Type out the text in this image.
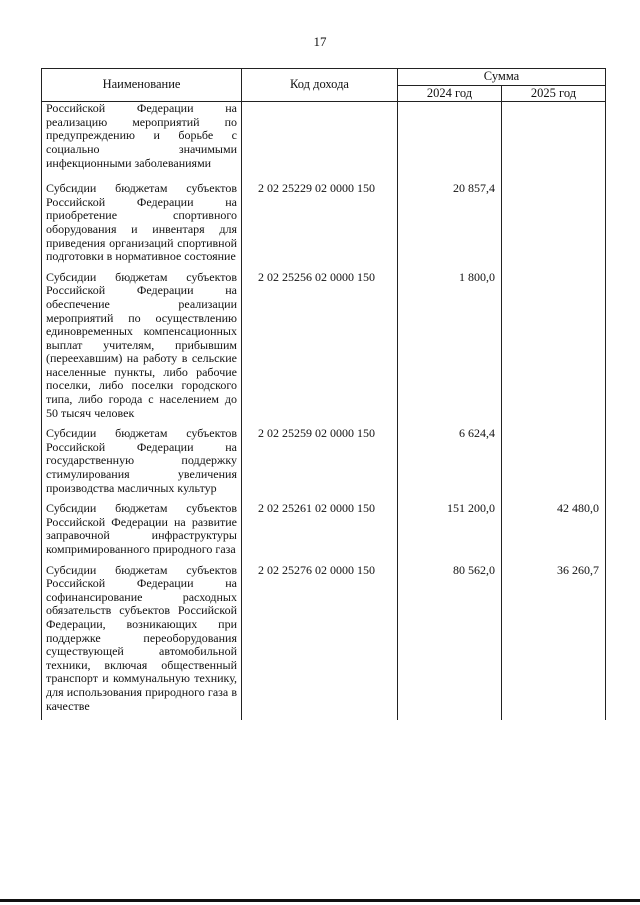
17
Наименование	Код дохода	Сумма	
		2024 год	2025 год
Российской Федерации на реализацию мероприятий по предупреждению и борьбе с социально значимыми инфекционными заболеваниями			
Субсидии бюджетам субъектов Российской Федерации на приобретение спортивного оборудования и инвентаря для приведения организаций спортивной подготовки в нормативное состояние	2 02 25229 02 0000 150	20 857,4	
Субсидии бюджетам субъектов Российской Федерации на обеспечение реализации мероприятий по осуществлению единовременных компенсационных выплат учителям, прибывшим (переехавшим) на работу в сельские населенные пункты, либо рабочие поселки, либо поселки городского типа, либо города с населением до 50 тысяч человек	2 02 25256 02 0000 150	1 800,0	
Субсидии бюджетам субъектов Российской Федерации на государственную поддержку стимулирования увеличения производства масличных культур	2 02 25259 02 0000 150	6 624,4	
Субсидии бюджетам субъектов Российской Федерации на развитие заправочной инфраструктуры компримированного природного газа	2 02 25261 02 0000 150	151 200,0	42 480,0
Субсидии бюджетам субъектов Российской Федерации на софинансирование расходных обязательств субъектов Российской Федерации, возникающих при поддержке переоборудования существующей автомобильной техники, включая общественный транспорт и коммунальную технику, для использования природного газа в качестве	2 02 25276 02 0000 150	80 562,0	36 260,7
